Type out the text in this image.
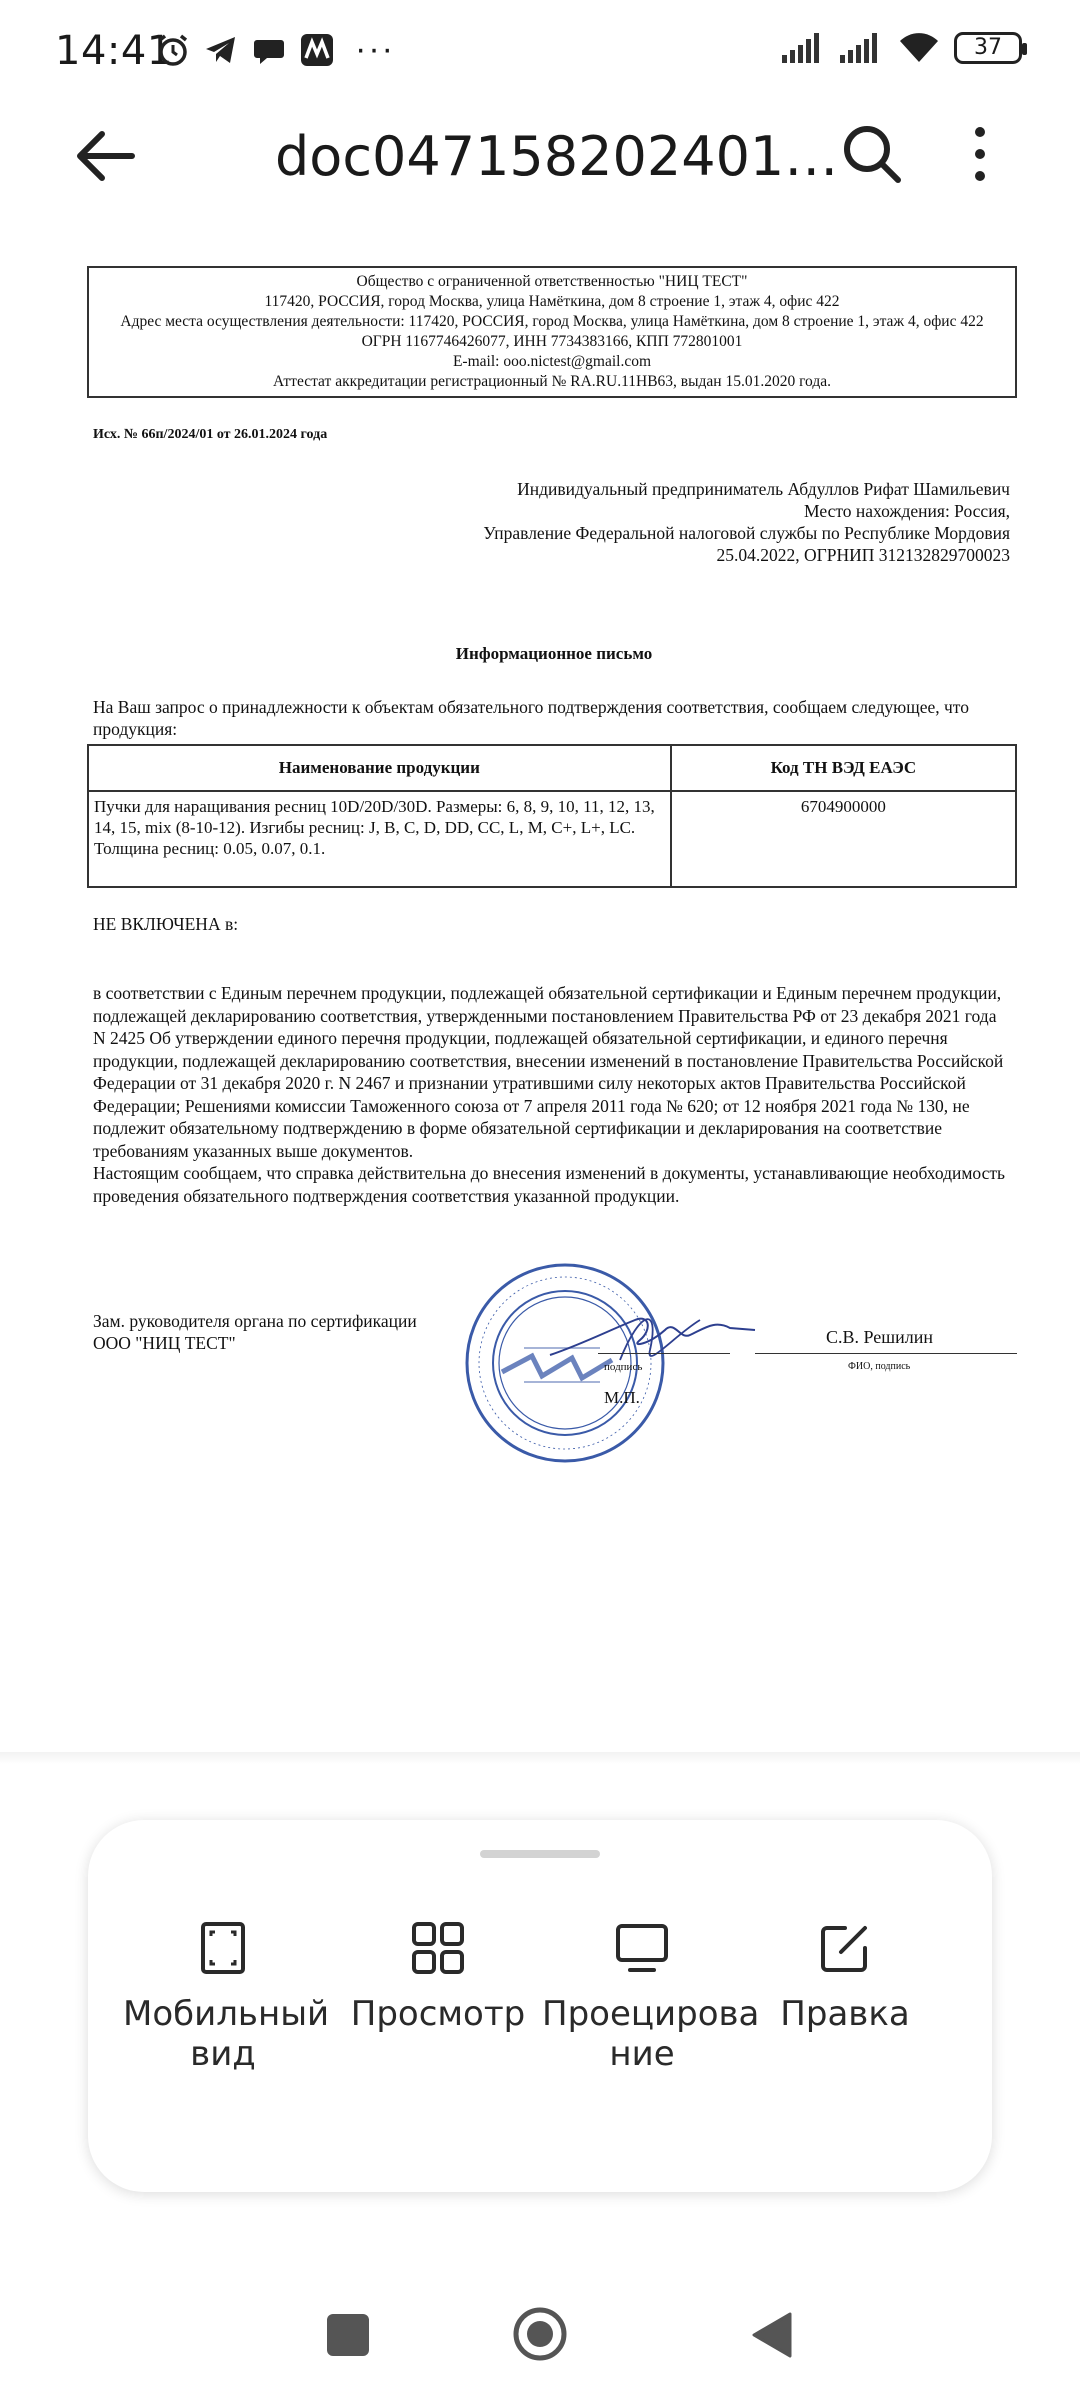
14:41	···	37
doc047158202401…
Общество с ограниченной ответственностью "НИЦ ТЕСТ"
117420, РОССИЯ, город Москва, улица Намёткина, дом 8 строение 1, этаж 4, офис 422
Адрес места осуществления деятельности: 117420, РОССИЯ, город Москва, улица Намёткина, дом 8 строение 1, этаж 4, офис 422
ОГРН 1167746426077, ИНН 7734383166, КПП 772801001
E-mail: ooo.nictest@gmail.com
Аттестат аккредитации регистрационный № RA.RU.11HB63, выдан 15.01.2020 года.
Исх. № 66п/2024/01 от 26.01.2024 года
Индивидуальный предприниматель Абдуллов Рифат Шамильевич
Место нахождения: Россия,
Управление Федеральной налоговой службы по Республике Мордовия
25.04.2022, ОГРНИП 312132829700023
Информационное письмо
На Ваш запрос о принадлежности к объектам обязательного подтверждения соответствия, сообщаем следующее, что продукция:
Наименование продукции	Код ТН ВЭД ЕАЭС
Пучки для наращивания ресниц 10D/20D/30D. Размеры: 6, 8, 9, 10, 11, 12, 13, 14, 15, mix (8-10-12). Изгибы ресниц: J, B, C, D, DD, CC, L, M, C+, L+, LC. Толщина ресниц: 0.05, 0.07, 0.1.	6704900000
НЕ ВКЛЮЧЕНА в:
в соответствии с Единым перечнем продукции, подлежащей обязательной сертификации и Единым перечнем продукции, подлежащей декларированию соответствия, утвержденными постановлением Правительства РФ от 23 декабря 2021 года N 2425 Об утверждении единого перечня продукции, подлежащей обязательной сертификации, и единого перечня продукции, подлежащей декларированию соответствия, внесении изменений в постановление Правительства Российской Федерации от 31 декабря 2020 г. N 2467 и признании утратившими силу некоторых актов Правительства Российской Федерации; Решениями комиссии Таможенного союза от 7 апреля 2011 года № 620; от 12 ноября 2021 года № 130, не подлежит обязательному подтверждению в форме обязательной сертификации и декларирования на соответствие требованиям указанных выше документов.
Настоящим сообщаем, что справка действительна до внесения изменений в документы, устанавливающие необходимость проведения обязательного подтверждения соответствия указанной продукции.
Зам. руководителя органа по сертификации
ООО "НИЦ ТЕСТ"
подпись
С.В. Решилин
ФИО, подпись
М.П.
Мобильный
вид
Просмотр Проецирова
ние
Правка
